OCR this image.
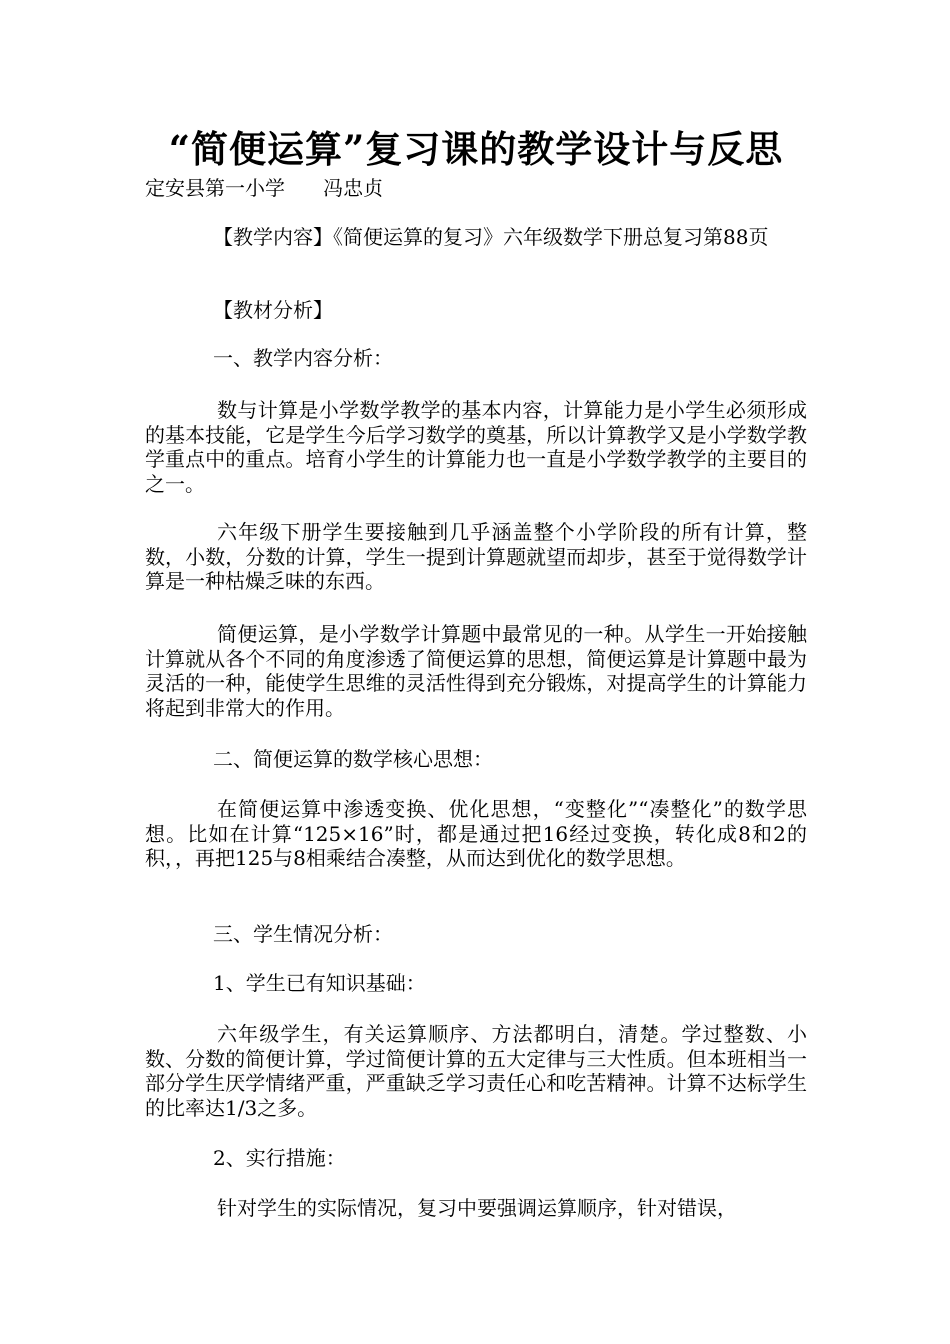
“简便运算”复习课的教学设计与反思
定安县第一小学      冯忠贞

【教学内容】《简便运算的复习》六年级数学下册总复习第88页

【教材分析】

一、教学内容分析：

数与计算是小学数学教学的基本内容，计算能力是小学生必须形成的基本技能，它是学生今后学习数学的奠基，所以计算教学又是小学数学教学重点中的重点。培育小学生的计算能力也一直是小学数学教学的主要目的之一。

六年级下册学生要接触到几乎涵盖整个小学阶段的所有计算，整数，小数，分数的计算，学生一提到计算题就望而却步，甚至于觉得数学计算是一种枯燥乏味的东西。

简便运算，是小学数学计算题中最常见的一种。从学生一开始接触计算就从各个不同的角度渗透了简便运算的思想，简便运算是计算题中最为灵活的一种，能使学生思维的灵活性得到充分锻炼，对提高学生的计算能力将起到非常大的作用。

二、简便运算的数学核心思想：

在简便运算中渗透变换、优化思想，“变整化”“凑整化”的数学思想。比如在计算“125×16”时，都是通过把16经过变换，转化成8和2的积，，再把125与8相乘结合凑整，从而达到优化的数学思想。

三、学生情况分析：

1、学生已有知识基础：

六年级学生，有关运算顺序、方法都明白，清楚。学过整数、小数、分数的简便计算，学过简便计算的五大定律与三大性质。但本班相当一部分学生厌学情绪严重，严重缺乏学习责任心和吃苦精神。计算不达标学生的比率达1/3之多。

2、实行措施：

针对学生的实际情况，复习中要强调运算顺序，针对错误，
